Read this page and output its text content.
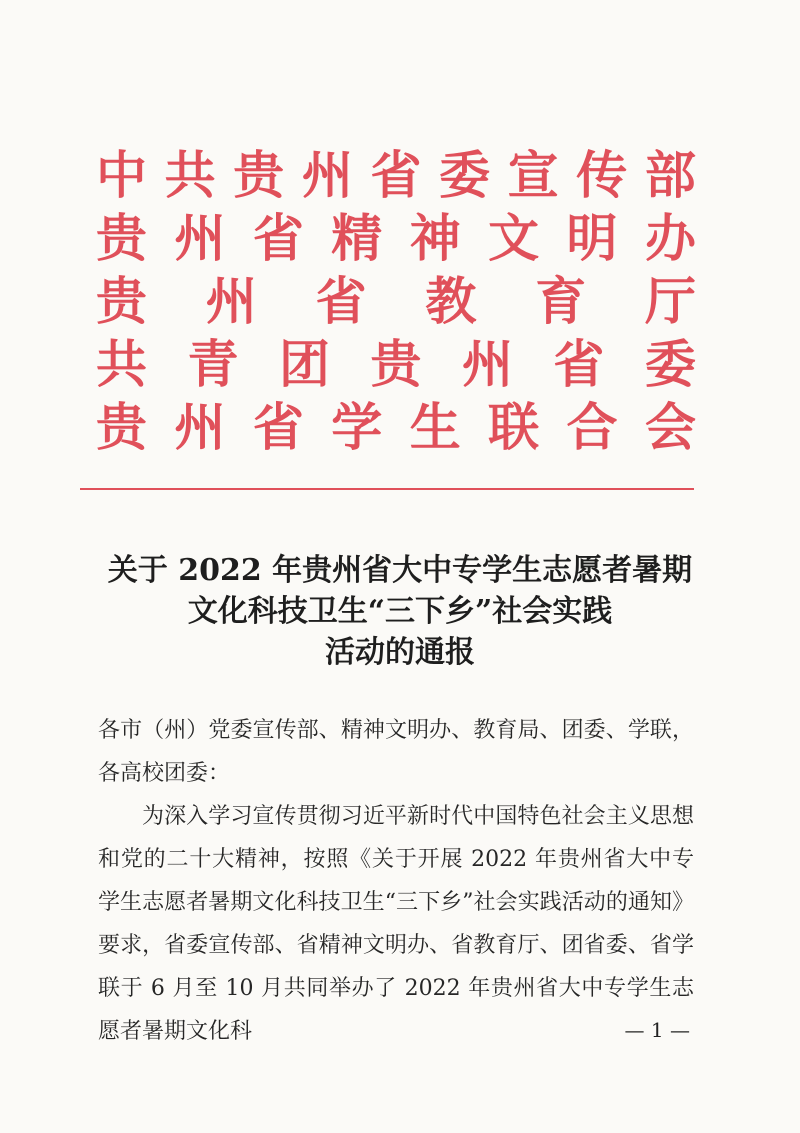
中 共 贵 州 省 委 宣 传 部
贵 州 省 精 神 文 明 办
贵 州 省 教 育 厅
共 青 团 贵 州 省 委
贵 州 省 学 生 联 合 会
关于 2022 年贵州省大中专学生志愿者暑期
文化科技卫生“三下乡”社会实践
活动的通报

各市（州）党委宣传部、精神文明办、教育局、团委、学联，各高校团委：

为深入学习宣传贯彻习近平新时代中国特色社会主义思想和党的二十大精神，按照《关于开展 2022 年贵州省大中专学生志愿者暑期文化科技卫生“三下乡”社会实践活动的通知》要求，省委宣传部、省精神文明办、省教育厅、团省委、省学联于 6 月至 10 月共同举办了 2022 年贵州省大中专学生志愿者暑期文化科	— 1 —
